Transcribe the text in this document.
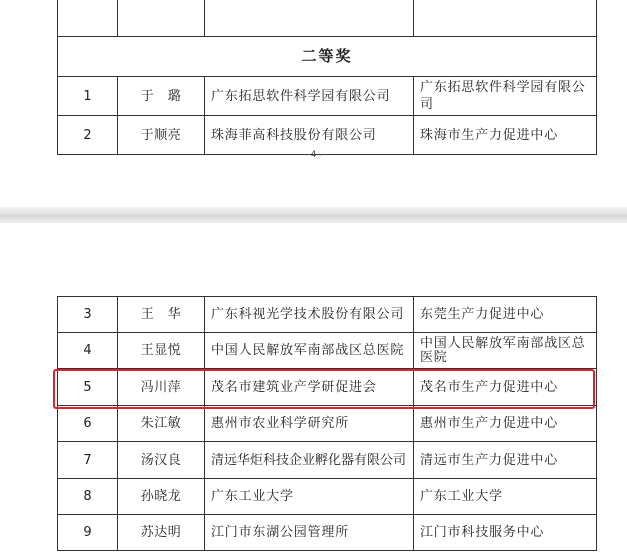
二等奖			
1	于　璐	广东拓思软件科学园有限公司	广东拓思软件科学园有限公司
2	于顺亮	珠海菲高科技股份有限公司	珠海市生产力促进中心
- 4 -
3	王　华	广东科视光学技术股份有限公司	东莞生产力促进中心
4	王显悦	中国人民解放军南部战区总医院	中国人民解放军南部战区总医院
5	冯川萍	茂名市建筑业产学研促进会	茂名市生产力促进中心
6	朱江敏	惠州市农业科学研究所	惠州市生产力促进中心
7	汤汉良	清远华炬科技企业孵化器有限公司	清远市生产力促进中心
8	孙晓龙	广东工业大学	广东工业大学
9	苏达明	江门市东湖公园管理所	江门市科技服务中心
